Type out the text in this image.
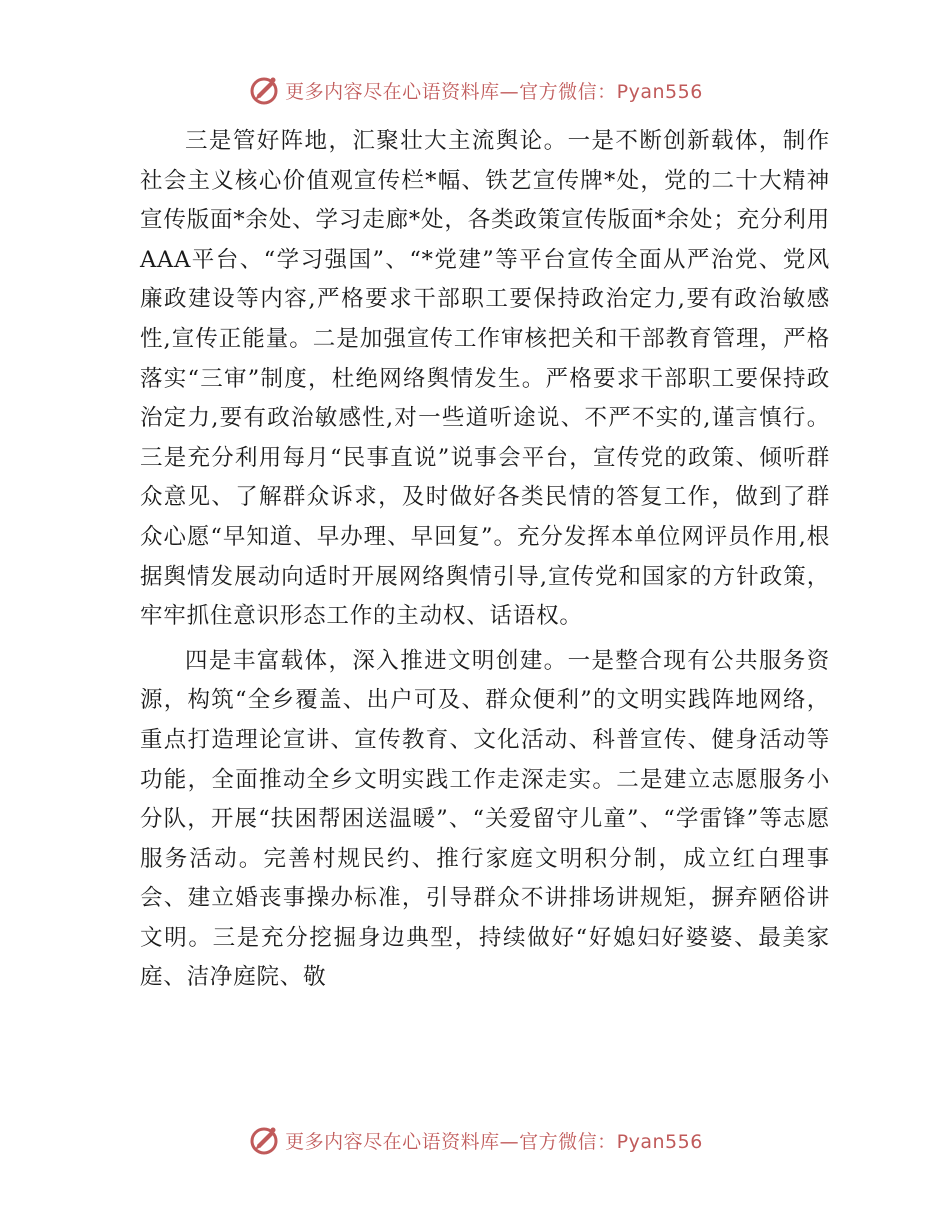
更多内容尽在心语资料库—官方微信：Pyan556

三是管好阵地，汇聚壮大主流舆论。一是不断创新载体，制作社会主义核心价值观宣传栏*幅、铁艺宣传牌*处，党的二十大精神宣传版面*余处、学习走廊*处，各类政策宣传版面*余处；充分利用AAA平台、“学习强国”、“*党建”等平台宣传全面从严治党、党风廉政建设等内容,严格要求干部职工要保持政治定力,要有政治敏感性,宣传正能量。二是加强宣传工作审核把关和干部教育管理，严格落实“三审”制度，杜绝网络舆情发生。严格要求干部职工要保持政治定力,要有政治敏感性,对一些道听途说、不严不实的,谨言慎行。三是充分利用每月“民事直说”说事会平台，宣传党的政策、倾听群众意见、了解群众诉求，及时做好各类民情的答复工作，做到了群众心愿“早知道、早办理、早回复”。充分发挥本单位网评员作用,根据舆情发展动向适时开展网络舆情引导,宣传党和国家的方针政策，牢牢抓住意识形态工作的主动权、话语权。

四是丰富载体，深入推进文明创建。一是整合现有公共服务资源，构筑“全乡覆盖、出户可及、群众便利”的文明实践阵地网络，重点打造理论宣讲、宣传教育、文化活动、科普宣传、健身活动等功能，全面推动全乡文明实践工作走深走实。二是建立志愿服务小分队，开展“扶困帮困送温暖”、“关爱留守儿童”、“学雷锋”等志愿服务活动。完善村规民约、推行家庭文明积分制，成立红白理事会、建立婚丧事操办标准，引导群众不讲排场讲规矩，摒弃陋俗讲文明。三是充分挖掘身边典型，持续做好“好媳妇好婆婆、最美家庭、洁净庭院、敬

更多内容尽在心语资料库—官方微信：Pyan556
